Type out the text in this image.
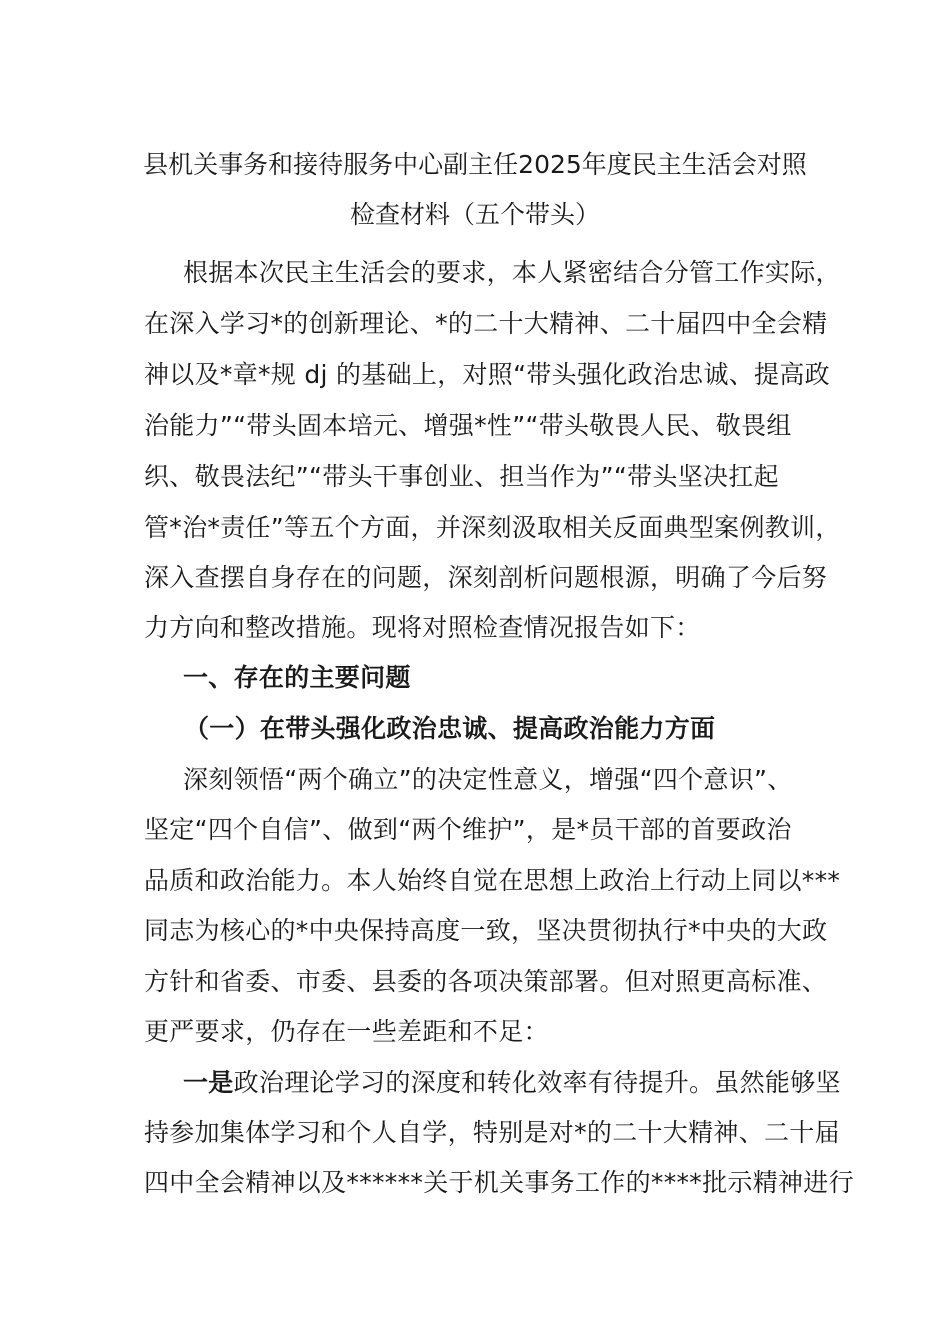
县机关事务和接待服务中心副主任2025年度民主生活会对照
检查材料（五个带头）
根据本次民主生活会的要求，本人紧密结合分管工作实际，
在深入学习*的创新理论、*的二十大精神、二十届四中全会精
神以及*章*规 dj 的基础上，对照“带头强化政治忠诚、提高政
治能力”“带头固本培元、增强*性”“带头敬畏人民、敬畏组
织、敬畏法纪”“带头干事创业、担当作为”“带头坚决扛起
管*治*责任”等五个方面，并深刻汲取相关反面典型案例教训，
深入查摆自身存在的问题，深刻剖析问题根源，明确了今后努
力方向和整改措施。现将对照检查情况报告如下：
一、存在的主要问题
（一）在带头强化政治忠诚、提高政治能力方面
深刻领悟“两个确立”的决定性意义，增强“四个意识”、
坚定“四个自信”、做到“两个维护”，是*员干部的首要政治
品质和政治能力。本人始终自觉在思想上政治上行动上同以***
同志为核心的*中央保持高度一致，坚决贯彻执行*中央的大政
方针和省委、市委、县委的各项决策部署。但对照更高标准、
更严要求，仍存在一些差距和不足：
一是政治理论学习的深度和转化效率有待提升。虽然能够坚
持参加集体学习和个人自学，特别是对*的二十大精神、二十届
四中全会精神以及******关于机关事务工作的****批示精神进行
